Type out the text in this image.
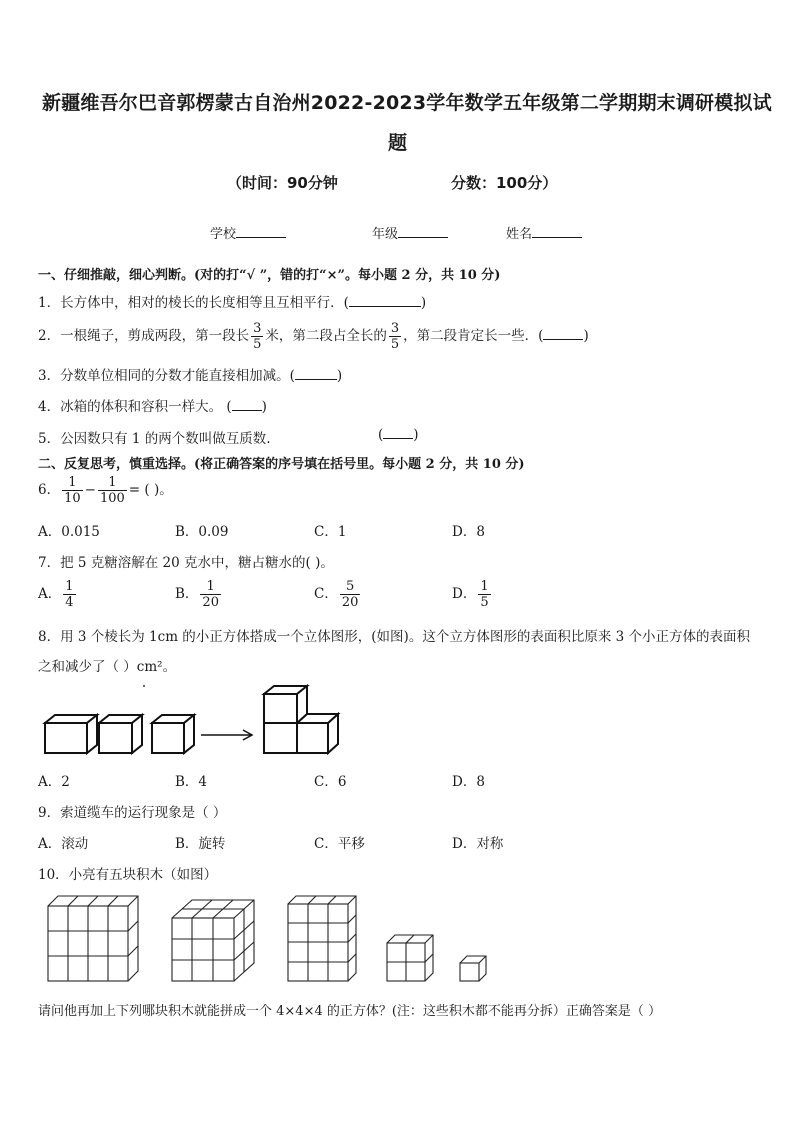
新疆维吾尔巴音郭楞蒙古自治州2022-2023学年数学五年级第二学期期末调研模拟试
题
（时间：90分钟	分数：100分）
学校	年级	姓名
一、仔细推敲，细心判断。(对的打“√ ”，错的打“×”。每小题 2 分，共 10 分)
1．长方体中，相对的棱长的长度相等且互相平行．(	)
2．一根绳子，剪成两段，第一段长 $\frac{3}{5}$ 米，第二段占全长的 $\frac{3}{5}$ ，第二段肯定长一些．(	)
3．分数单位相同的分数才能直接相加减。(	)
4．冰箱的体积和容积一样大。 ( )
5．公因数只有 1 的两个数叫做互质数.	( )
二、反复思考，慎重选择。(将正确答案的序号填在括号里。每小题 2 分，共 10 分)
6． $\frac{1}{10} - \frac{1}{100}$ = ( )。
A．0.015	B．0.09	C．1	D．8
7．把 5 克糖溶解在 20 克水中，糖占糖水的( )。
A． $\frac{1}{4}$	B． $\frac{1}{20}$	C． $\frac{5}{20}$	D． $\frac{1}{5}$
8．用 3 个棱长为 1cm 的小正方体搭成一个立体图形，(如图)。这个立方体图形的表面积比原来 3 个小正方体的表面积
之和减少了（ ）cm²。
A．2	B．4	C．6	D．8
9．索道缆车的运行现象是（ ）
A．滚动	B．旋转	C．平移	D．对称
10．小亮有五块积木（如图）
请问他再加上下列哪块积木就能拼成一个 4×4×4 的正方体？(注：这些积木都不能再分拆）正确答案是（ ）
